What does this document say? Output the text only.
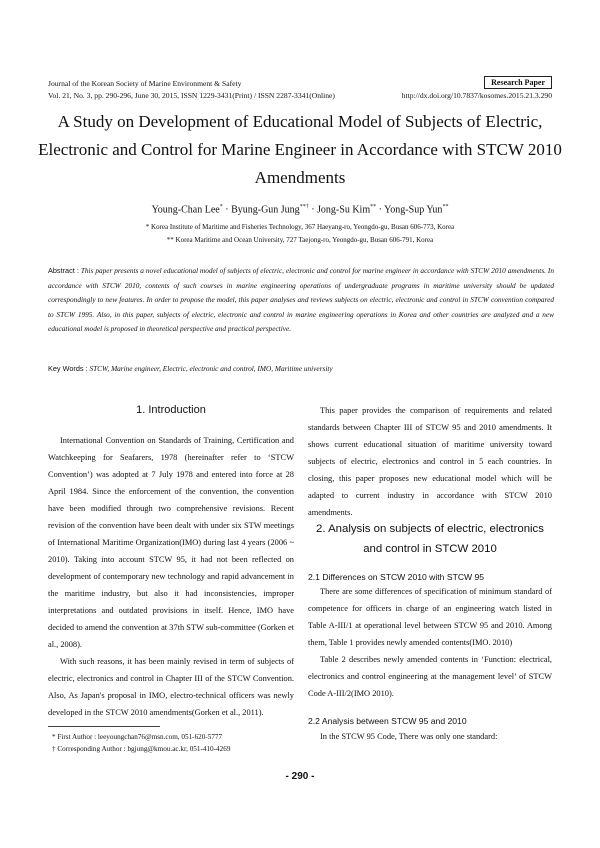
Journal of the Korean Society of Marine Environment & Safety	Research Paper
Vol. 21, No. 3, pp. 290-296, June 30, 2015, ISSN 1229-3431(Print) / ISSN 2287-3341(Online)	http://dx.doi.org/10.7837/kosomes.2015.21.3.290
A Study on Development of Educational Model of Subjects of Electric,
Electronic and Control for Marine Engineer in Accordance with STCW 2010
Amendments
Young-Chan Lee* · Byung-Gun Jung**† · Jong-Su Kim** · Yong-Sup Yun**
* Korea Institute of Maritime and Fisheries Technology, 367 Haeyang-ro, Yeongdo-gu, Busan 606-773, Korea
** Korea Maritime and Ocean University, 727 Taejong-ro, Yeongdo-gu, Busan 606-791, Korea
Abstract : This paper presents a novel educational model of subjects of electric, electronic and control for marine engineer in accordance with STCW 2010 amendments. In accordance with STCW 2010, contents of such courses in marine engineering operations of undergraduate programs in maritime university should be updated correspondingly to new features. In order to propose the model, this paper analyses and reviews subjects on electric, electronic and control in STCW convention compared to STCW 1995. Also, in this paper, subjects of electric, electronic and control in marine engineering operations in Korea and other countries are analyzed and a new educational model is proposed in theoretical perspective and practical perspective.
Key Words : STCW, Marine engineer, Electric, electronic and control, IMO, Maritime university
1. Introduction

International Convention on Standards of Training, Certification and Watchkeeping for Seafarers, 1978 (hereinafter refer to ‘STCW Convention’) was adopted at 7 July 1978 and entered into force at 28 April 1984. Since the enforcement of the convention, the convention have been modified through two comprehensive revisions. Recent revision of the convention have been dealt with under six STW meetings of International Maritime Organization(IMO) during last 4 years (2006 ~ 2010). Taking into account STCW 95, it had not been reflected on development of contemporary new technology and rapid advancement in the maritime industry, but also it had inconsistencies, improper interpretations and outdated provisions in itself. Hence, IMO have decided to amend the convention at 37th STW sub-committee (Gorken et al., 2008).

With such reasons, it has been mainly revised in term of subjects of electric, electronics and control in Chapter III of the STCW Convention. Also, As Japan's proposal in IMO, electro-technical officers was newly developed in the STCW 2010 amendments(Gorken et al., 2011).

* First Author : leeyoungchan76@msn.com, 051-620-5777
† Corresponding Author : bgjung@kmou.ac.kr, 051-410-4269

This paper provides the comparison of requirements and related standards between Chapter III of STCW 95 and 2010 amendments. It shows current educational situation of maritime university toward subjects of electric, electronics and control in 5 each countries. In closing, this paper proposes new educational model which will be adapted to current industry in accordance with STCW 2010 amendments.

2. Analysis on subjects of electric, electronics
and control in STCW 2010
2.1 Differences on STCW 2010 with STCW 95

There are some differences of specification of minimum standard of competence for officers in charge of an engineering watch listed in Table A-III/1 at operational level between STCW 95 and 2010. Among them, Table 1 provides newly amended contents(IMO. 2010)

Table 2 describes newly amended contents in ‘Function: electrical, electronics and control engineering at the management level’ of STCW Code A-III/2(IMO 2010).

2.2 Analysis between STCW 95 and 2010

In the STCW 95 Code, There was only one standard:

- 290 -
